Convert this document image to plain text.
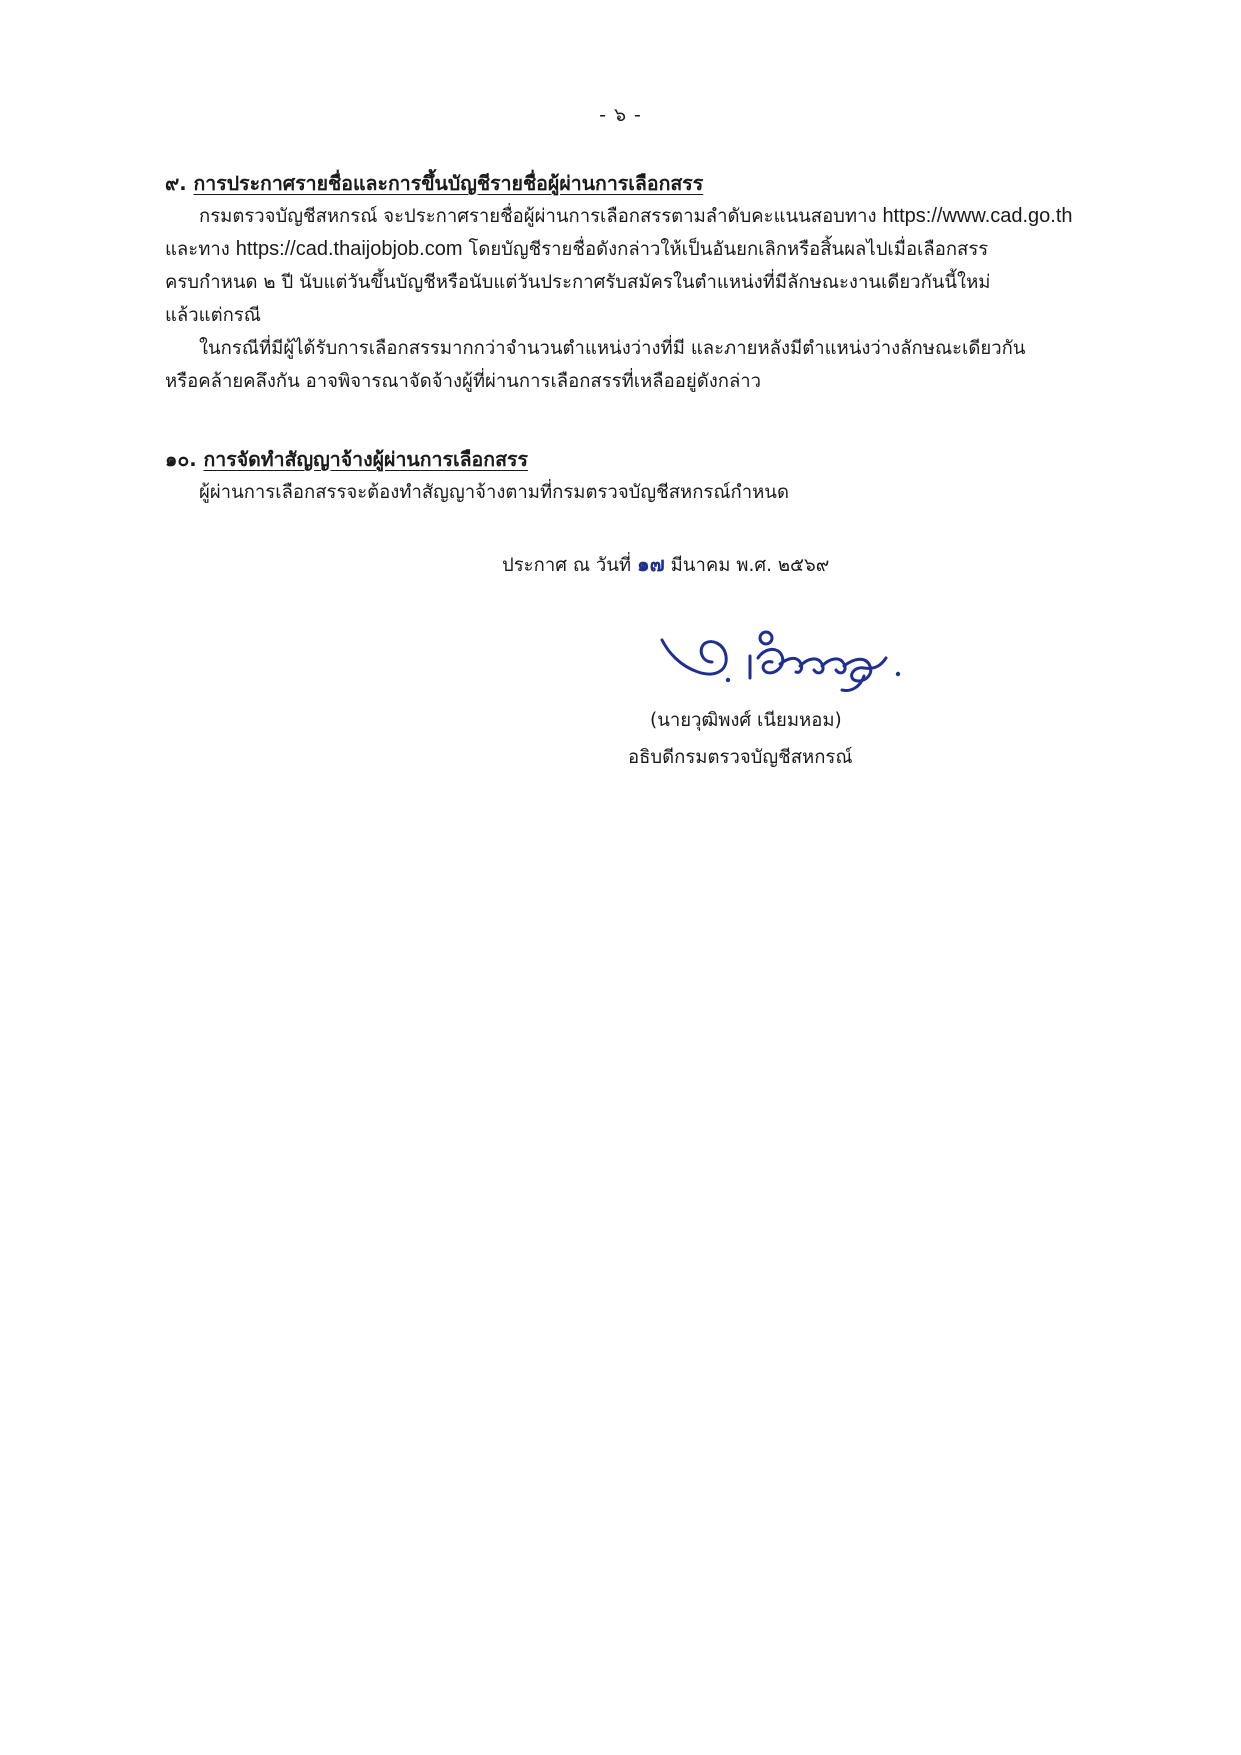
- ๖ -

๙. การประกาศรายชื่อและการขึ้นบัญชีรายชื่อผู้ผ่านการเลือกสรร

กรมตรวจบัญชีสหกรณ์ จะประกาศรายชื่อผู้ผ่านการเลือกสรรตามลำดับคะแนนสอบทาง https://www.cad.go.th
และทาง https://cad.thaijobjob.com โดยบัญชีรายชื่อดังกล่าวให้เป็นอันยกเลิกหรือสิ้นผลไปเมื่อเลือกสรร
ครบกำหนด ๒ ปี นับแต่วันขึ้นบัญชีหรือนับแต่วันประกาศรับสมัครในตำแหน่งที่มีลักษณะงานเดียวกันนี้ใหม่
แล้วแต่กรณี

ในกรณีที่มีผู้ได้รับการเลือกสรรมากกว่าจำนวนตำแหน่งว่างที่มี และภายหลังมีตำแหน่งว่างลักษณะเดียวกัน
หรือคล้ายคลึงกัน อาจพิจารณาจัดจ้างผู้ที่ผ่านการเลือกสรรที่เหลืออยู่ดังกล่าว

๑๐. การจัดทำสัญญาจ้างผู้ผ่านการเลือกสรร

ผู้ผ่านการเลือกสรรจะต้องทำสัญญาจ้างตามที่กรมตรวจบัญชีสหกรณ์กำหนด

ประกาศ ณ วันที่ ๑๗ มีนาคม พ.ศ. ๒๕๖๙
(นายวุฒิพงศ์ เนียมหอม)
อธิบดีกรมตรวจบัญชีสหกรณ์
